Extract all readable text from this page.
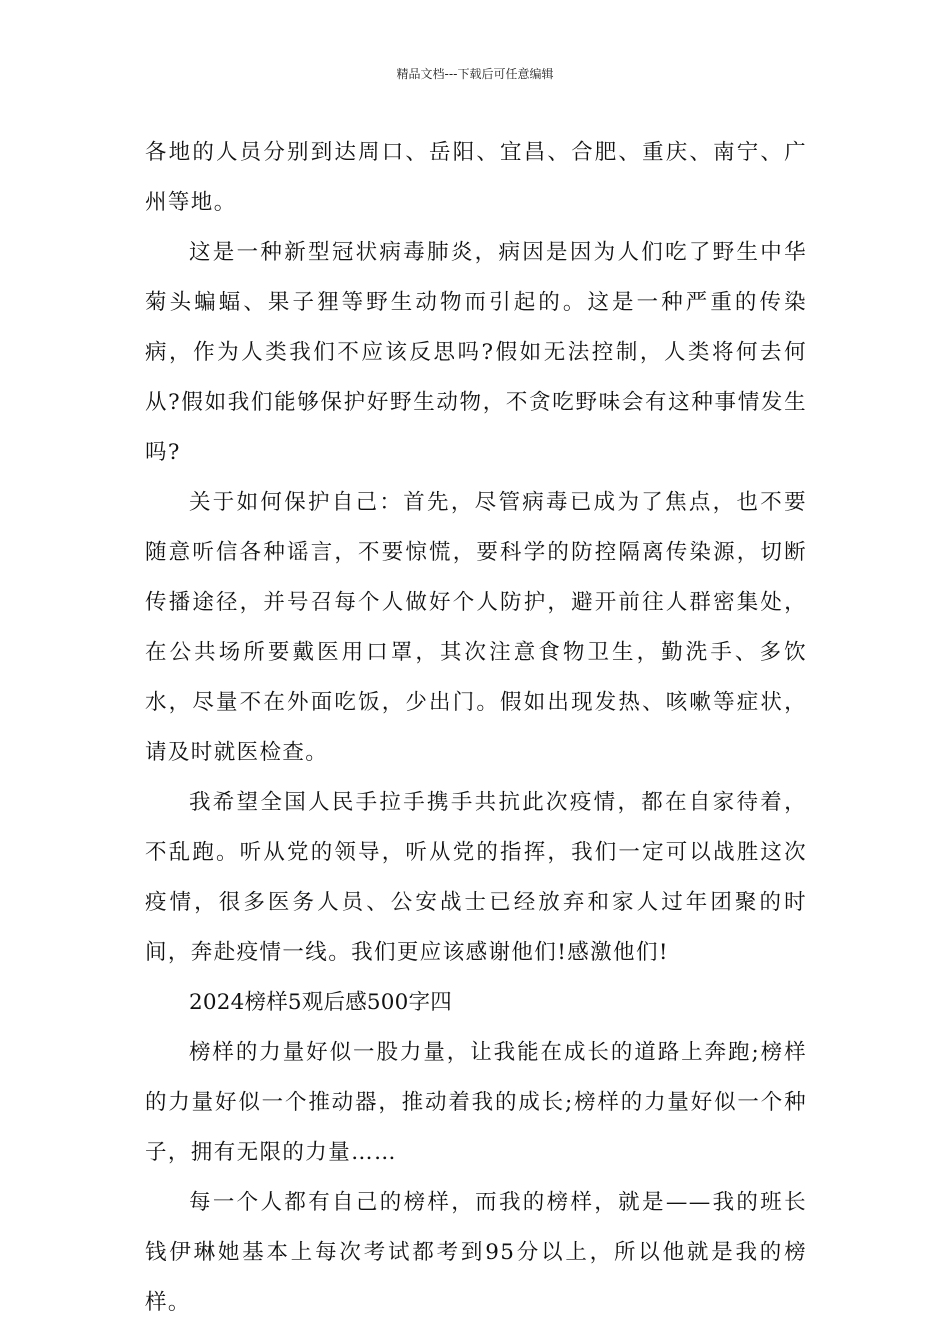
精品文档---下载后可任意编辑

各地的人员分别到达周口、岳阳、宜昌、合肥、重庆、南宁、广州等地。

这是一种新型冠状病毒肺炎，病因是因为人们吃了野生中华菊头蝙蝠、果子狸等野生动物而引起的。这是一种严重的传染病，作为人类我们不应该反思吗?假如无法控制，人类将何去何从?假如我们能够保护好野生动物，不贪吃野味会有这种事情发生吗?

关于如何保护自己：首先，尽管病毒已成为了焦点，也不要随意听信各种谣言，不要惊慌，要科学的防控隔离传染源，切断传播途径，并号召每个人做好个人防护，避开前往人群密集处，在公共场所要戴医用口罩，其次注意食物卫生，勤洗手、多饮水，尽量不在外面吃饭，少出门。假如出现发热、咳嗽等症状，请及时就医检查。

我希望全国人民手拉手携手共抗此次疫情，都在自家待着，不乱跑。听从党的领导，听从党的指挥，我们一定可以战胜这次疫情，很多医务人员、公安战士已经放弃和家人过年团聚的时间，奔赴疫情一线。我们更应该感谢他们!感激他们!

2024榜样5观后感500字四

榜样的力量好似一股力量，让我能在成长的道路上奔跑;榜样的力量好似一个推动器，推动着我的成长;榜样的力量好似一个种子，拥有无限的力量……

每一个人都有自己的榜样，而我的榜样，就是——我的班长钱伊琳她基本上每次考试都考到95分以上，所以他就是我的榜样。
